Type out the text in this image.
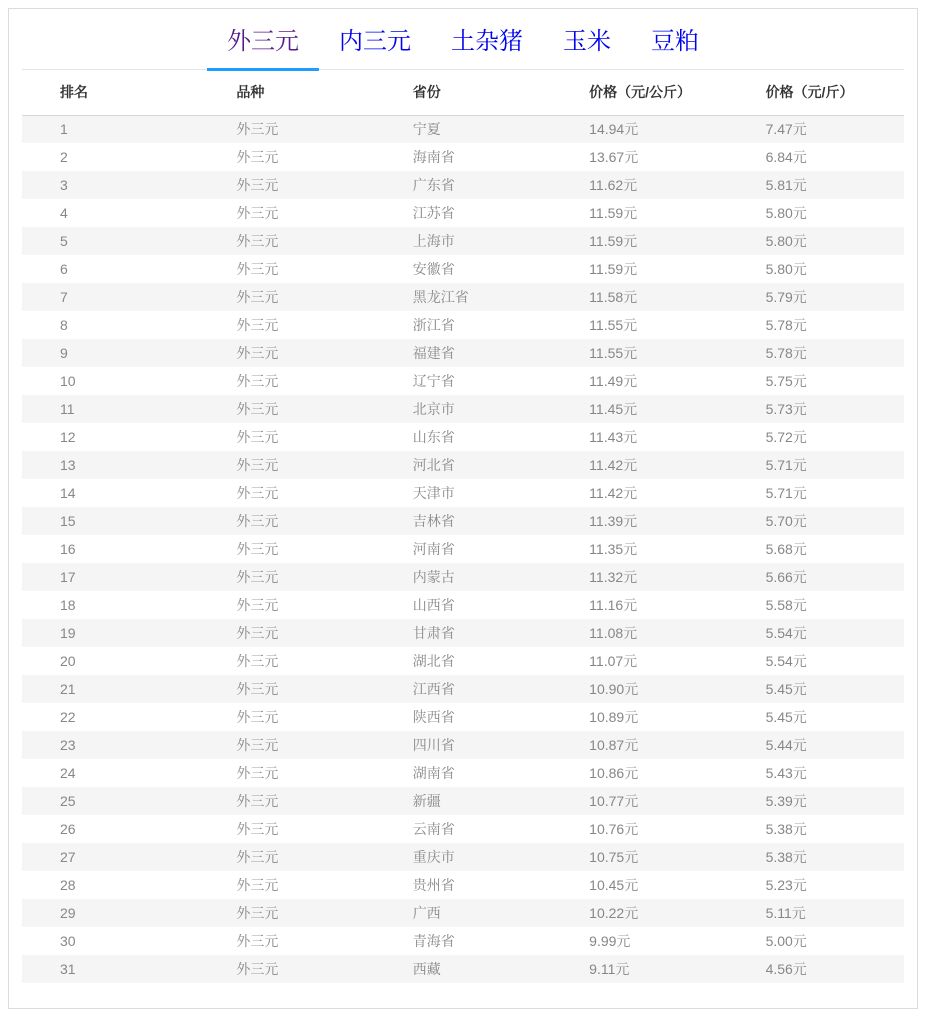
外三元	内三元	土杂猪	玉米	豆粕
排名	品种	省份	价格（元/公斤）	价格（元/斤）
1	外三元	宁夏	14.94元	7.47元
2	外三元	海南省	13.67元	6.84元
3	外三元	广东省	11.62元	5.81元
4	外三元	江苏省	11.59元	5.80元
5	外三元	上海市	11.59元	5.80元
6	外三元	安徽省	11.59元	5.80元
7	外三元	黑龙江省	11.58元	5.79元
8	外三元	浙江省	11.55元	5.78元
9	外三元	福建省	11.55元	5.78元
10	外三元	辽宁省	11.49元	5.75元
11	外三元	北京市	11.45元	5.73元
12	外三元	山东省	11.43元	5.72元
13	外三元	河北省	11.42元	5.71元
14	外三元	天津市	11.42元	5.71元
15	外三元	吉林省	11.39元	5.70元
16	外三元	河南省	11.35元	5.68元
17	外三元	内蒙古	11.32元	5.66元
18	外三元	山西省	11.16元	5.58元
19	外三元	甘肃省	11.08元	5.54元
20	外三元	湖北省	11.07元	5.54元
21	外三元	江西省	10.90元	5.45元
22	外三元	陕西省	10.89元	5.45元
23	外三元	四川省	10.87元	5.44元
24	外三元	湖南省	10.86元	5.43元
25	外三元	新疆	10.77元	5.39元
26	外三元	云南省	10.76元	5.38元
27	外三元	重庆市	10.75元	5.38元
28	外三元	贵州省	10.45元	5.23元
29	外三元	广西	10.22元	5.11元
30	外三元	青海省	9.99元	5.00元
31	外三元	西藏	9.11元	4.56元
